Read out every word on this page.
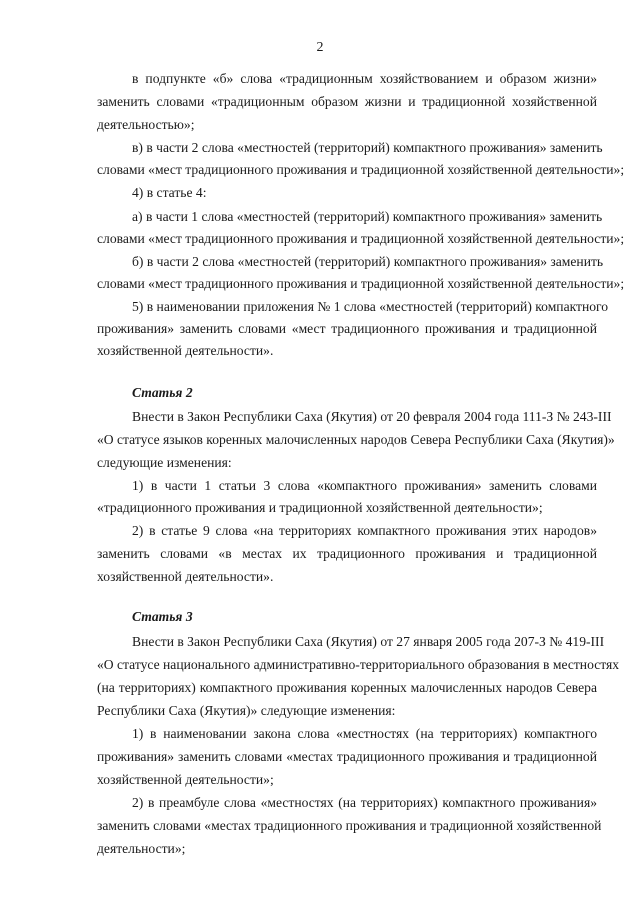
2
в подпункте «б» слова «традиционным хозяйствованием и образом жизни»
заменить словами «традиционным образом жизни и традиционной хозяйственной
деятельностью»;
в) в части 2 слова «местностей (территорий) компактного проживания» заменить
словами «мест традиционного проживания и традиционной хозяйственной деятельности»;
4) в статье 4:
а) в части 1 слова «местностей (территорий) компактного проживания» заменить
словами «мест традиционного проживания и традиционной хозяйственной деятельности»;
б) в части 2 слова «местностей (территорий) компактного проживания» заменить
словами «мест традиционного проживания и традиционной хозяйственной деятельности»;
5) в наименовании приложения № 1 слова «местностей (территорий) компактного
проживания» заменить словами «мест традиционного проживания и традиционной
хозяйственной деятельности».
Статья 2
Внести в Закон Республики Саха (Якутия) от 20 февраля 2004 года 111-З № 243-III
«О статусе языков коренных малочисленных народов Севера Республики Саха (Якутия)»
следующие изменения:
1) в части 1 статьи 3 слова «компактного проживания» заменить словами
«традиционного проживания и традиционной хозяйственной деятельности»;
2) в статье 9 слова «на территориях компактного проживания этих народов»
заменить словами «в местах их традиционного проживания и традиционной
хозяйственной деятельности».
Статья 3
Внести в Закон Республики Саха (Якутия) от 27 января 2005 года 207-З № 419-III
«О статусе национального административно-территориального образования в местностях
(на территориях) компактного проживания коренных малочисленных народов Севера
Республики Саха (Якутия)» следующие изменения:
1) в наименовании закона слова «местностях (на территориях) компактного
проживания» заменить словами «местах традиционного проживания и традиционной
хозяйственной деятельности»;
2) в преамбуле слова «местностях (на территориях) компактного проживания»
заменить словами «местах традиционного проживания и традиционной хозяйственной
деятельности»;
